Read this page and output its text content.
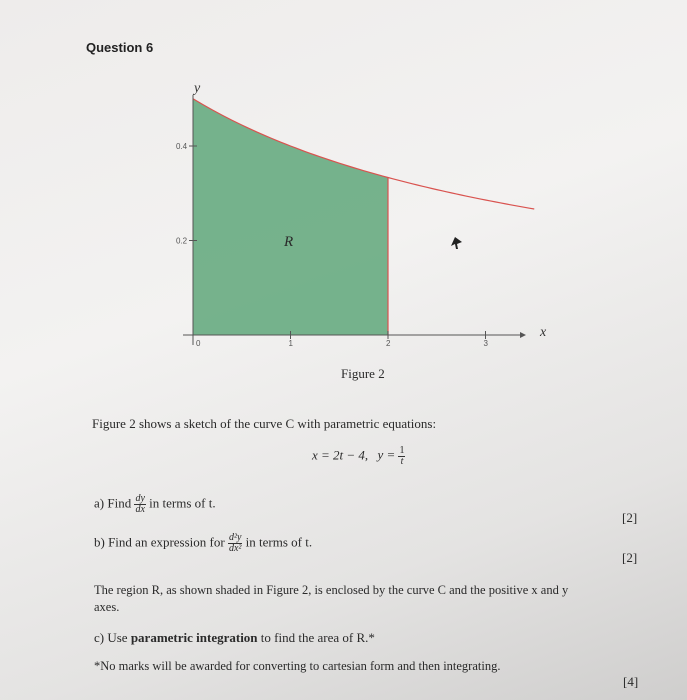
Question 6
0	1	2	3
0.4
0.2
y
x
R
Figure 2
Figure 2 shows a sketch of the curve C with parametric equations:
x = 2t − 4, $y = \frac{1}{t}$
a) Find $\frac{dy}{dx}$ in terms of t.
[2]
b) Find an expression for $\frac{\text{d²y}}{\text{dx²}}$ in terms of t.
[2]
The region R, as shown shaded in Figure 2, is enclosed by the curve C and the positive x and y
axes.
c) Use parametric integration to find the area of R.*
*No marks will be awarded for converting to cartesian form and then integrating.
[4]
